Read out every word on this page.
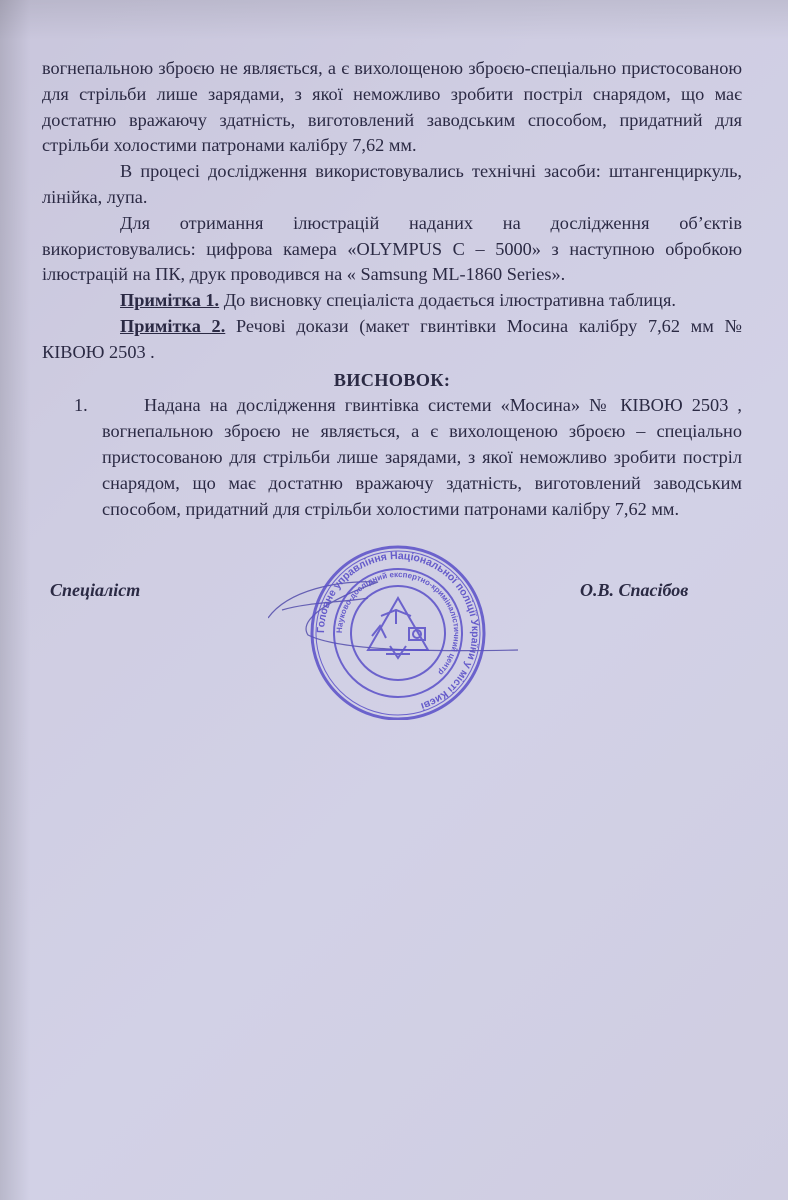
вогнепальною зброєю не являється, а є вихолощеною зброєю-спеціально пристосованою для стрільби лише зарядами, з якої неможливо зробити постріл снарядом, що має достатню вражаючу здатність, виготовлений заводським способом, придатний для стрільби холостими патронами калібру 7,62 мм.

В процесі дослідження використовувались технічні засоби: штангенциркуль, лінійка, лупа.

Для отримання ілюстрацій наданих на дослідження об’єктів використовувались: цифрова камера «OLYMPUS C – 5000» з наступною обробкою ілюстрацій на ПК, друк проводився на « Samsung ML-1860 Series».

Примітка 1. До висновку спеціаліста додається ілюстративна таблиця.

Примітка 2. Речові докази (макет гвинтівки Мосина калібру 7,62 мм № КІВОЮ 2503 .

ВИСНОВОК:

1.	Надана на дослідження гвинтівка системи «Мосина» № КІВОЮ 2503 , вогнепальною зброєю не являється, а є вихолощеною зброєю – спеціально пристосованою для стрільби лише зарядами, з якої неможливо зробити постріл снарядом, що має достатню вражаючу здатність, виготовлений заводським способом, придатний для стрільби холостими патронами калібру 7,62 мм.

Спеціаліст	О.В. Спасібов
Головне управління Національної поліції України у місті Києві
Науково-дослідний експертно-криміналістичний центр
